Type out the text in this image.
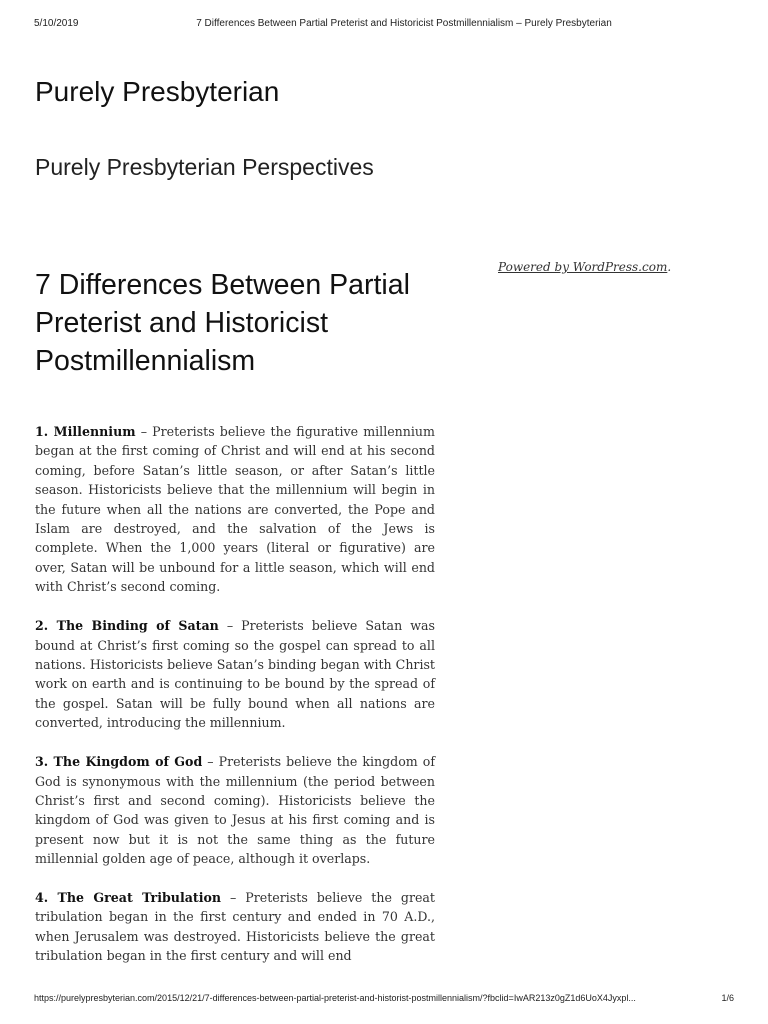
5/10/2019	7 Differences Between Partial Preterist and Historicist Postmillennialism – Purely Presbyterian
Purely Presbyterian
Purely Presbyterian Perspectives
7 Differences Between Partial Preterist and Historicist Postmillennialism
Powered by WordPress.com.

1. Millennium – Preterists believe the figurative millennium began at the first coming of Christ and will end at his second coming, before Satan’s little season, or after Satan’s little season. Historicists believe that the millennium will begin in the future when all the nations are converted, the Pope and Islam are destroyed, and the salvation of the Jews is complete. When the 1,000 years (literal or figurative) are over, Satan will be unbound for a little season, which will end with Christ’s second coming.

2. The Binding of Satan – Preterists believe Satan was bound at Christ’s first coming so the gospel can spread to all nations. Historicists believe Satan’s binding began with Christ work on earth and is continuing to be bound by the spread of the gospel. Satan will be fully bound when all nations are converted, introducing the millennium.

3. The Kingdom of God – Preterists believe the kingdom of God is synonymous with the millennium (the period between Christ’s first and second coming). Historicists believe the kingdom of God was given to Jesus at his first coming and is present now but it is not the same thing as the future millennial golden age of peace, although it overlaps.

4. The Great Tribulation – Preterists believe the great tribulation began in the first century and ended in 70 A.D., when Jerusalem was destroyed. Historicists believe the great tribulation began in the first century and will end

https://purelypresbyterian.com/2015/12/21/7-differences-between-partial-preterist-and-historist-postmillennialism/?fbclid=IwAR213z0gZ1d6UoX4Jyxpl...	1/6
